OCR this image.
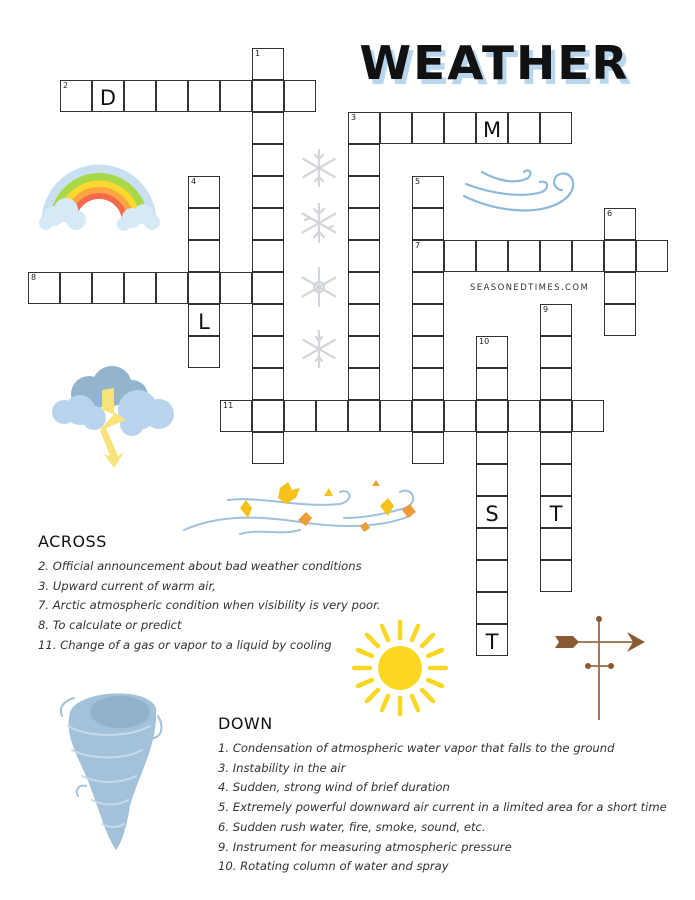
WEATHER
1
2
D
3
M
4
L	5
7
6
8
9
T
10
S
T
11
SEASONEDTIMES.COM
ACROSS
2. Official announcement about bad weather conditions
3. Upward current of warm air,
7. Arctic atmospheric condition when visibility is very poor.
8. To calculate or predict
11. Change of a gas or vapor to a liquid by cooling
DOWN
1. Condensation of atmospheric water vapor that falls to the ground
3. Instability in the air
4. Sudden, strong wind of brief duration
5. Extremely powerful downward air current in a limited area for a short time
6. Sudden rush water, fire, smoke, sound, etc.
9. Instrument for measuring atmospheric pressure
10. Rotating column of water and spray
